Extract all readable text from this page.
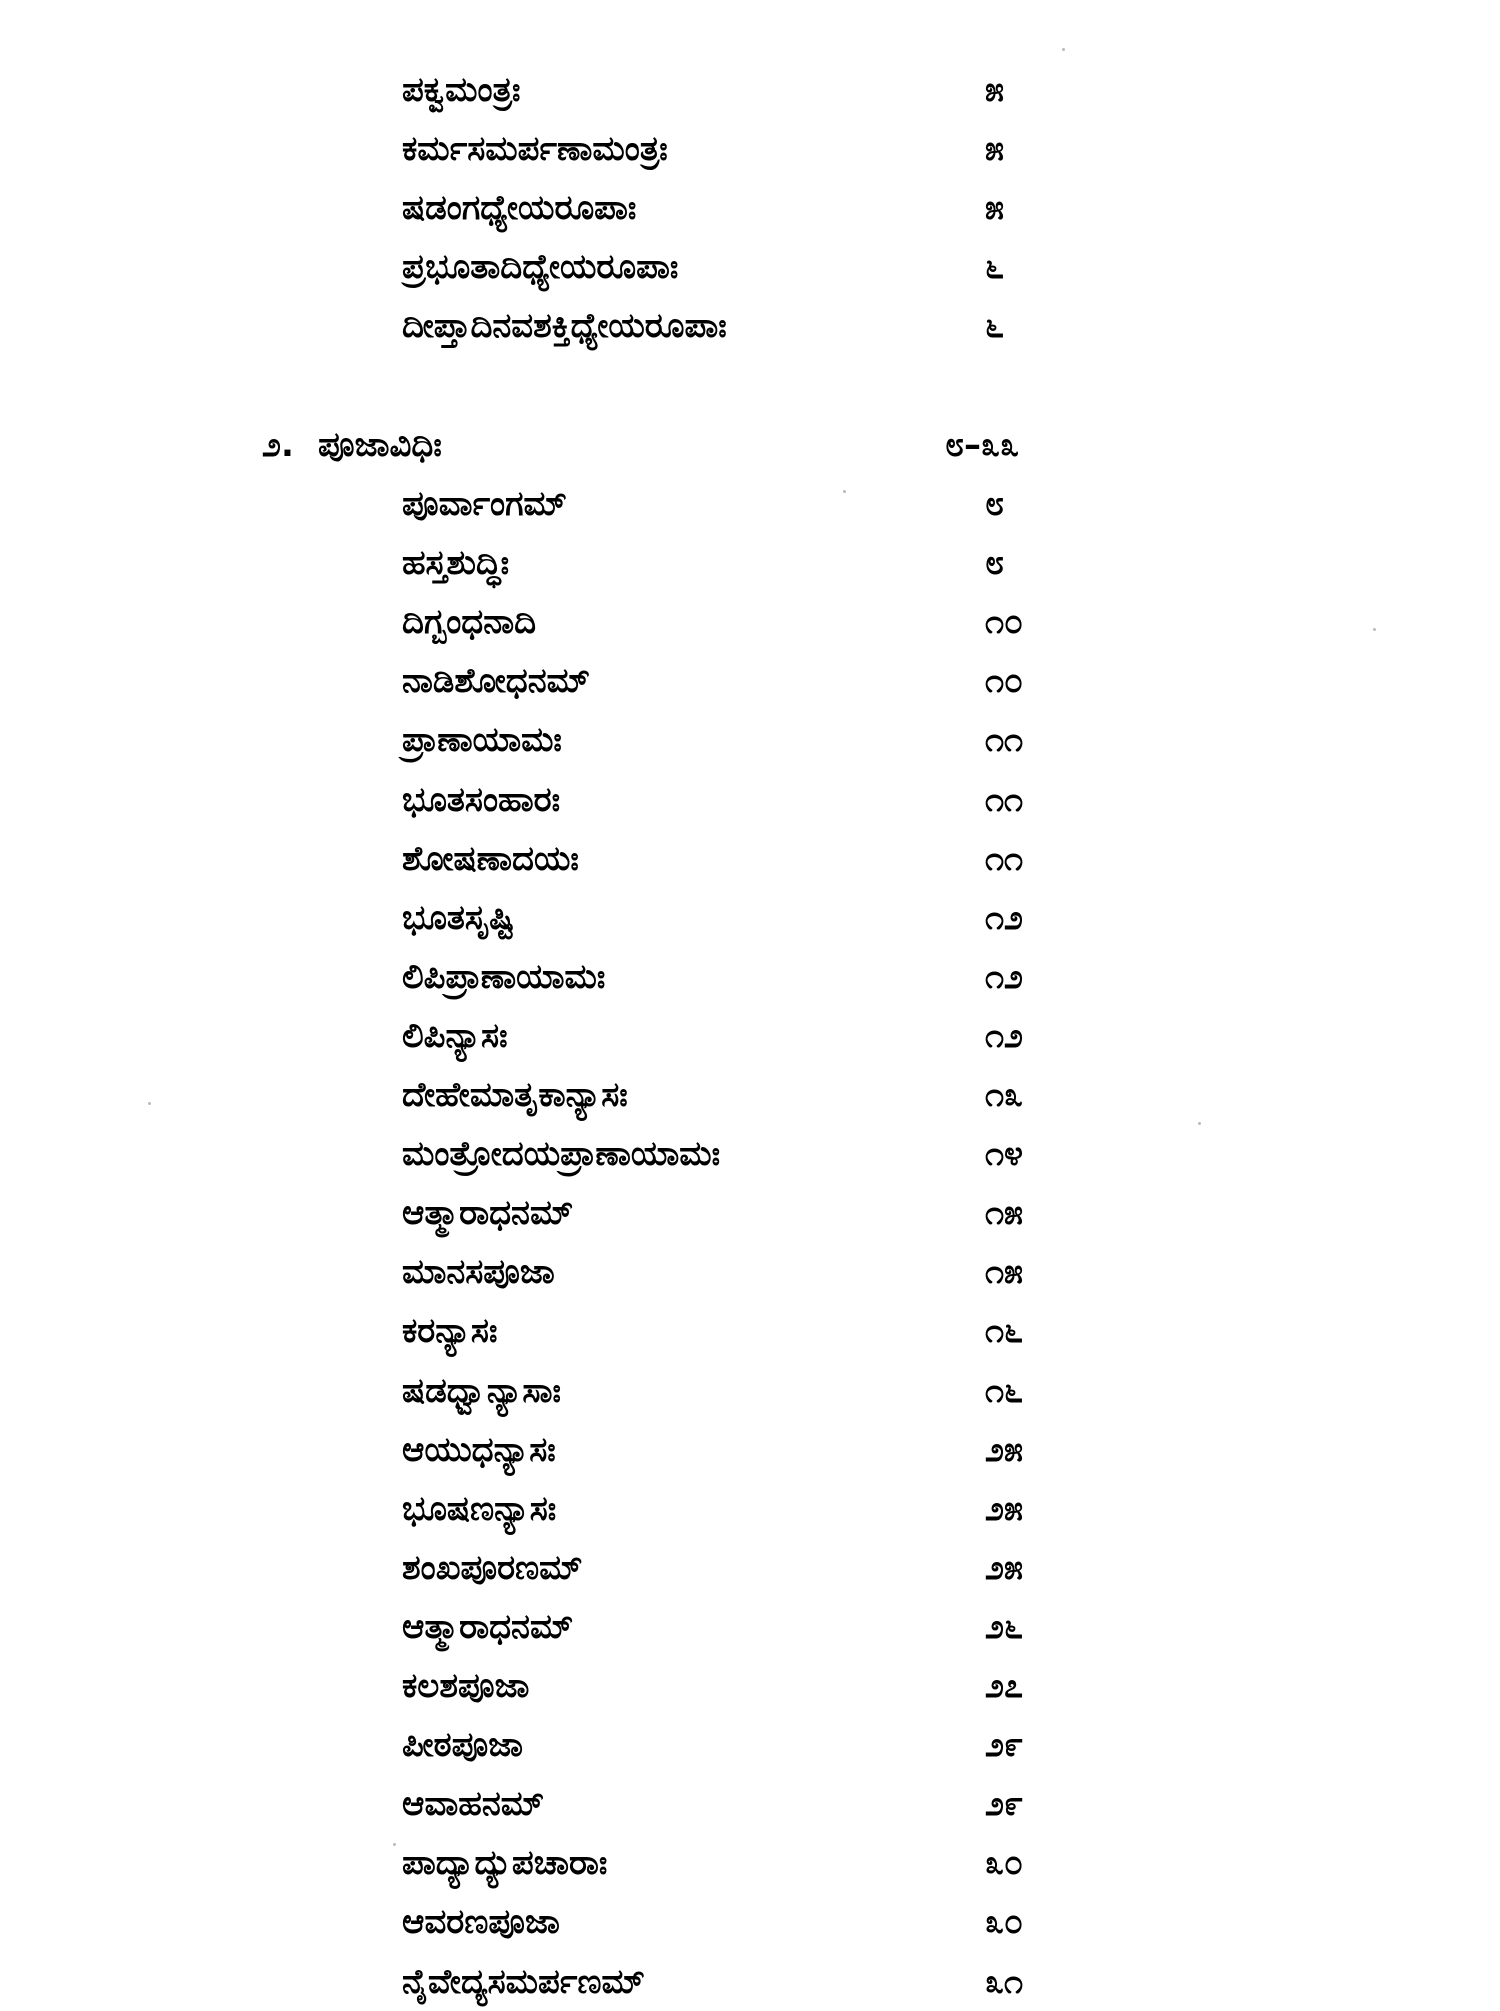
ಪಕ್ವಮಂತ್ರಃ	೫
ಕರ್ಮಸಮರ್ಪಣಾಮಂತ್ರಃ	೫
ಷಡಂಗಧ್ಯೇಯರೂಪಾಃ	೫
ಪ್ರಭೂತಾದಿಧ್ಯೇಯರೂಪಾಃ	೬
ದೀಪ್ತಾದಿನವಶಕ್ತಿಧ್ಯೇಯರೂಪಾಃ	೬
೨. ಪೂಜಾವಿಧಿಃ	೮–೩೩
ಪೂರ್ವಾಂಗಮ್	೮
ಹಸ್ತಶುದ್ಧಿಃ	೮
ದಿಗ್ಬಂಧನಾದಿ	೧೦
ನಾಡಿಶೋಧನಮ್	೧೦
ಪ್ರಾಣಾಯಾಮಃ	೧೧
ಭೂತಸಂಹಾರಃ	೧೧
ಶೋಷಣಾದಯಃ	೧೧
ಭೂತಸೃಷ್ಟಿ	೧೨
ಲಿಪಿಪ್ರಾಣಾಯಾಮಃ	೧೨
ಲಿಪಿನ್ಯಾಸಃ	೧೨
ದೇಹೇಮಾತೃಕಾನ್ಯಾಸಃ	೧೩
ಮಂತ್ರೋದಯಪ್ರಾಣಾಯಾಮಃ	೧೪
ಆತ್ಮಾರಾಧನಮ್	೧೫
ಮಾನಸಪೂಜಾ	೧೫
ಕರನ್ಯಾಸಃ	೧೬
ಷಡಧ್ವಾನ್ಯಾಸಾಃ	೧೬
ಆಯುಧನ್ಯಾಸಃ	೨೫
ಭೂಷಣನ್ಯಾಸಃ	೨೫
ಶಂಖಪೂರಣಮ್	೨೫
ಆತ್ಮಾರಾಧನಮ್	೨೬
ಕಲಶಪೂಜಾ	೨೭
ಪೀಠಪೂಜಾ	೨೯
ಆವಾಹನಮ್	೨೯
ಪಾದ್ಯಾದ್ಯುಪಚಾರಾಃ	೩೦
ಆವರಣಪೂಜಾ	೩೦
ನೈವೇದ್ಯಸಮರ್ಪಣಮ್	೩೧
